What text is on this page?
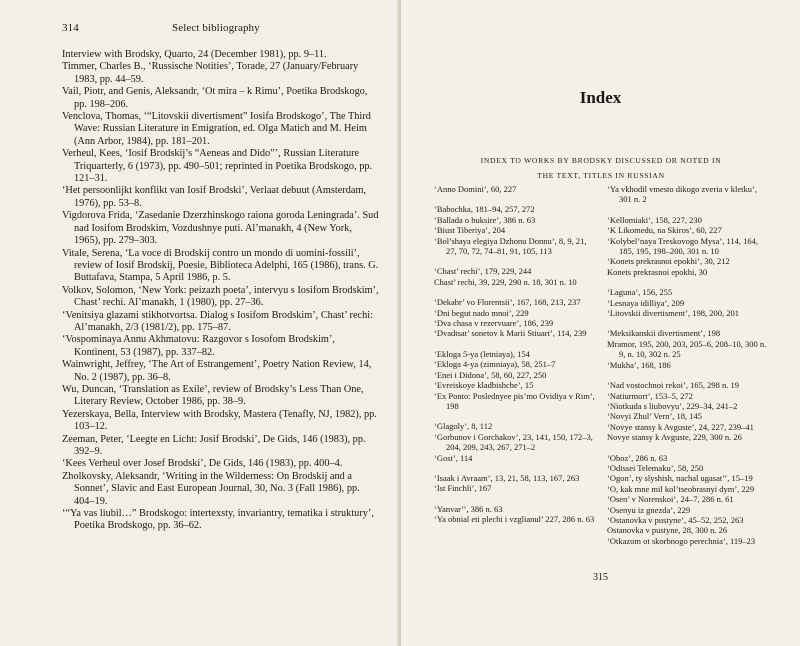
314	Select bibliography
Interview with Brodsky, Quarto, 24 (December 1981), pp. 9–11.
Timmer, Charles B., ‘Russische Notities’, Torade, 27 (January/February 1983, pp. 44–59.
Vail, Piotr, and Genis, Aleksandr, ‘Ot mira – k Rimu’, Poetika Brodskogo, pp. 198–206.
Venclova, Thomas, ‘“Litovskii divertisment” Iosifa Brodskogo’, The Third Wave: Russian Literature in Emigration, ed. Olga Matich and M. Heim (Ann Arbor, 1984), pp. 181–201.
Verheul, Kees, ‘Iosif Brodskij’s “Aeneas and Dido”’, Russian Literature Triquarterly, 6 (1973), pp. 490–501; reprinted in Poetika Brodskogo, pp. 121–31.
‘Het persoonlijkt konflikt van Iosif Brodski’, Verlaat debuut (Amsterdam, 1976), pp. 53–8.
Vigdorova Frida, ‘Zasedanie Dzerzhinskogo raiona goroda Leningrada’. Sud nad Iosifom Brodskim, Vozdushnye puti. Al’manakh, 4 (New York, 1965), pp. 279–303.
Vitale, Serena, ‘La voce di Brodskij contro un mondo di uomini-fossili’, review of Iosif Brodskij, Poesie, Biblioteca Adelphi, 165 (1986), trans. G. Buttafava, Stampa, 5 April 1986, p. 5.
Volkov, Solomon, ‘New York: peizazh poeta’, intervyu s Iosifom Brodskim’, Chast’ rechi. Al’manakh, 1 (1980), pp. 27–36.
‘Venitsiya glazami stikhotvortsa. Dialog s Iosifom Brodskim’, Chast’ rechi: Al’manakh, 2/3 (1981/2), pp. 175–87.
‘Vospominaya Annu Akhmatovu: Razgovor s Iosofom Brodskim’, Kontinent, 53 (1987), pp. 337–82.
Wainwright, Jeffrey, ‘The Art of Estrangement’, Poetry Nation Review, 14, No. 2 (1987), pp. 36–8.
Wu, Duncan, ‘Translation as Exile’, review of Brodsky’s Less Than One, Literary Review, October 1986, pp. 38–9.
Yezerskaya, Bella, Interview with Brodsky, Mastera (Tenafly, NJ, 1982), pp. 103–12.
Zeeman, Peter, ‘Leegte en Licht: Josif Brodski’, De Gids, 146 (1983), pp. 392–9.
‘Kees Verheul over Josef Brodski’, De Gids, 146 (1983), pp. 400–4.
Zholkovsky, Aleksandr, ‘Writing in the Wilderness: On Brodskij and a Sonnet’, Slavic and East European Journal, 30, No. 3 (Fall 1986), pp. 404–19.
‘“Ya vas liubil…” Brodskogo: intertexsty, invariantry, tematika i struktury’, Poetika Brodskogo, pp. 36–62.
Index
INDEX TO WORKS BY BRODSKY DISCUSSED OR NOTED IN
THE TEXT, TITLES IN RUSSIAN
‘Anno Domini’, 60, 227
‘Babochka, 181–94, 257, 272
‘Ballada o buksire’, 386 n. 63
‘Biust Tiberiya’, 204
‘Bol’shaya elegiya Dzhonu Donnu’, 8, 9, 21, 27, 70, 72, 74–81, 91, 105, 113
‘Chast’ rechi’, 179, 229, 244
Chast’ rechi, 39, 229, 290 n. 18, 301 n. 10
‘Dekabr’ vo Florentsii’, 167, 168, 213, 237
‘Dni begut nado mnoi’, 229
‘Dva chasa v rezervuare’, 186, 239
‘Dvadtsat’ sonetov k Marii Stiuart’, 114, 239
‘Ekloga 5-ya (letniaya), 154
‘Ekloga 4-ya (zimniaya), 58, 251–7
‘Enei i Didona’, 58, 60, 227, 250
‘Evreiskoye kladbishche’, 15
‘Ex Ponto: Poslednyee pis’mo Ovidiya v Rim’, 198
‘Glagoly’, 8, 112
‘Gorbunov i Gorchakov’, 23, 141, 150, 172–3, 204, 209, 243, 267, 271–2
‘Gost’, 114
‘Isaak i Avraam’, 13, 21, 58, 113, 167, 263
‘Ist Finchli’, 167
‘Yanvar’’, 386 n. 63
‘Ya obnial eti plechi i vzglianul’ 227, 286 n. 63
‘Ya vkhodil vmesto dikogo zveria v kletku’, 301 n. 2
‘Kellomiaki’, 158, 227, 230
‘K Likomedu, na Skiros’, 60, 227
‘Kolybel’naya Treskovogo Mysa’, 114, 164, 185, 195, 198–200, 301 n. 10
‘Konets prekrasnoi epokhi’, 30, 212
Konets prekrasnoi epokhi, 30
‘Laguna’, 156, 255
‘Lesnaya idilliya’, 209
‘Litovskii divertisment’, 198, 200, 201
‘Meksikanskii divertisment’, 198
Mramor, 195, 200, 203, 205–6, 208–10, 300 n. 9, n. 10, 302 n. 25
‘Mukha’, 168, 186
‘Nad vostochnoi rekoi’, 165, 298 n. 19
‘Natiurmort’, 153–5, 272
‘Niotkuda s liubovyu’, 229–34, 241–2
‘Novyi Zhul’ Vern’, 18, 145
‘Novye stansy k Avguste’, 24, 227, 239–41
Novye stansy k Avguste, 229, 300 n. 26
‘Oboz’, 286 n. 63
‘Odissei Telemaku’, 58, 250
‘Ogon’, ty slyshish, nachal ugasat’’, 15–19
‘O, kak mne mil kol’tseobrasnyi dym’, 229
‘Osen’ v Norenskoi’, 24–7, 286 n. 61
‘Osenyu iz gnezda’, 229
‘Ostanovka v pustyne’, 45–52, 252, 263
Ostanovka v pustyne, 28, 300 n. 26
‘Otkazom ot skorbnogo perechnia’, 119–23
315
